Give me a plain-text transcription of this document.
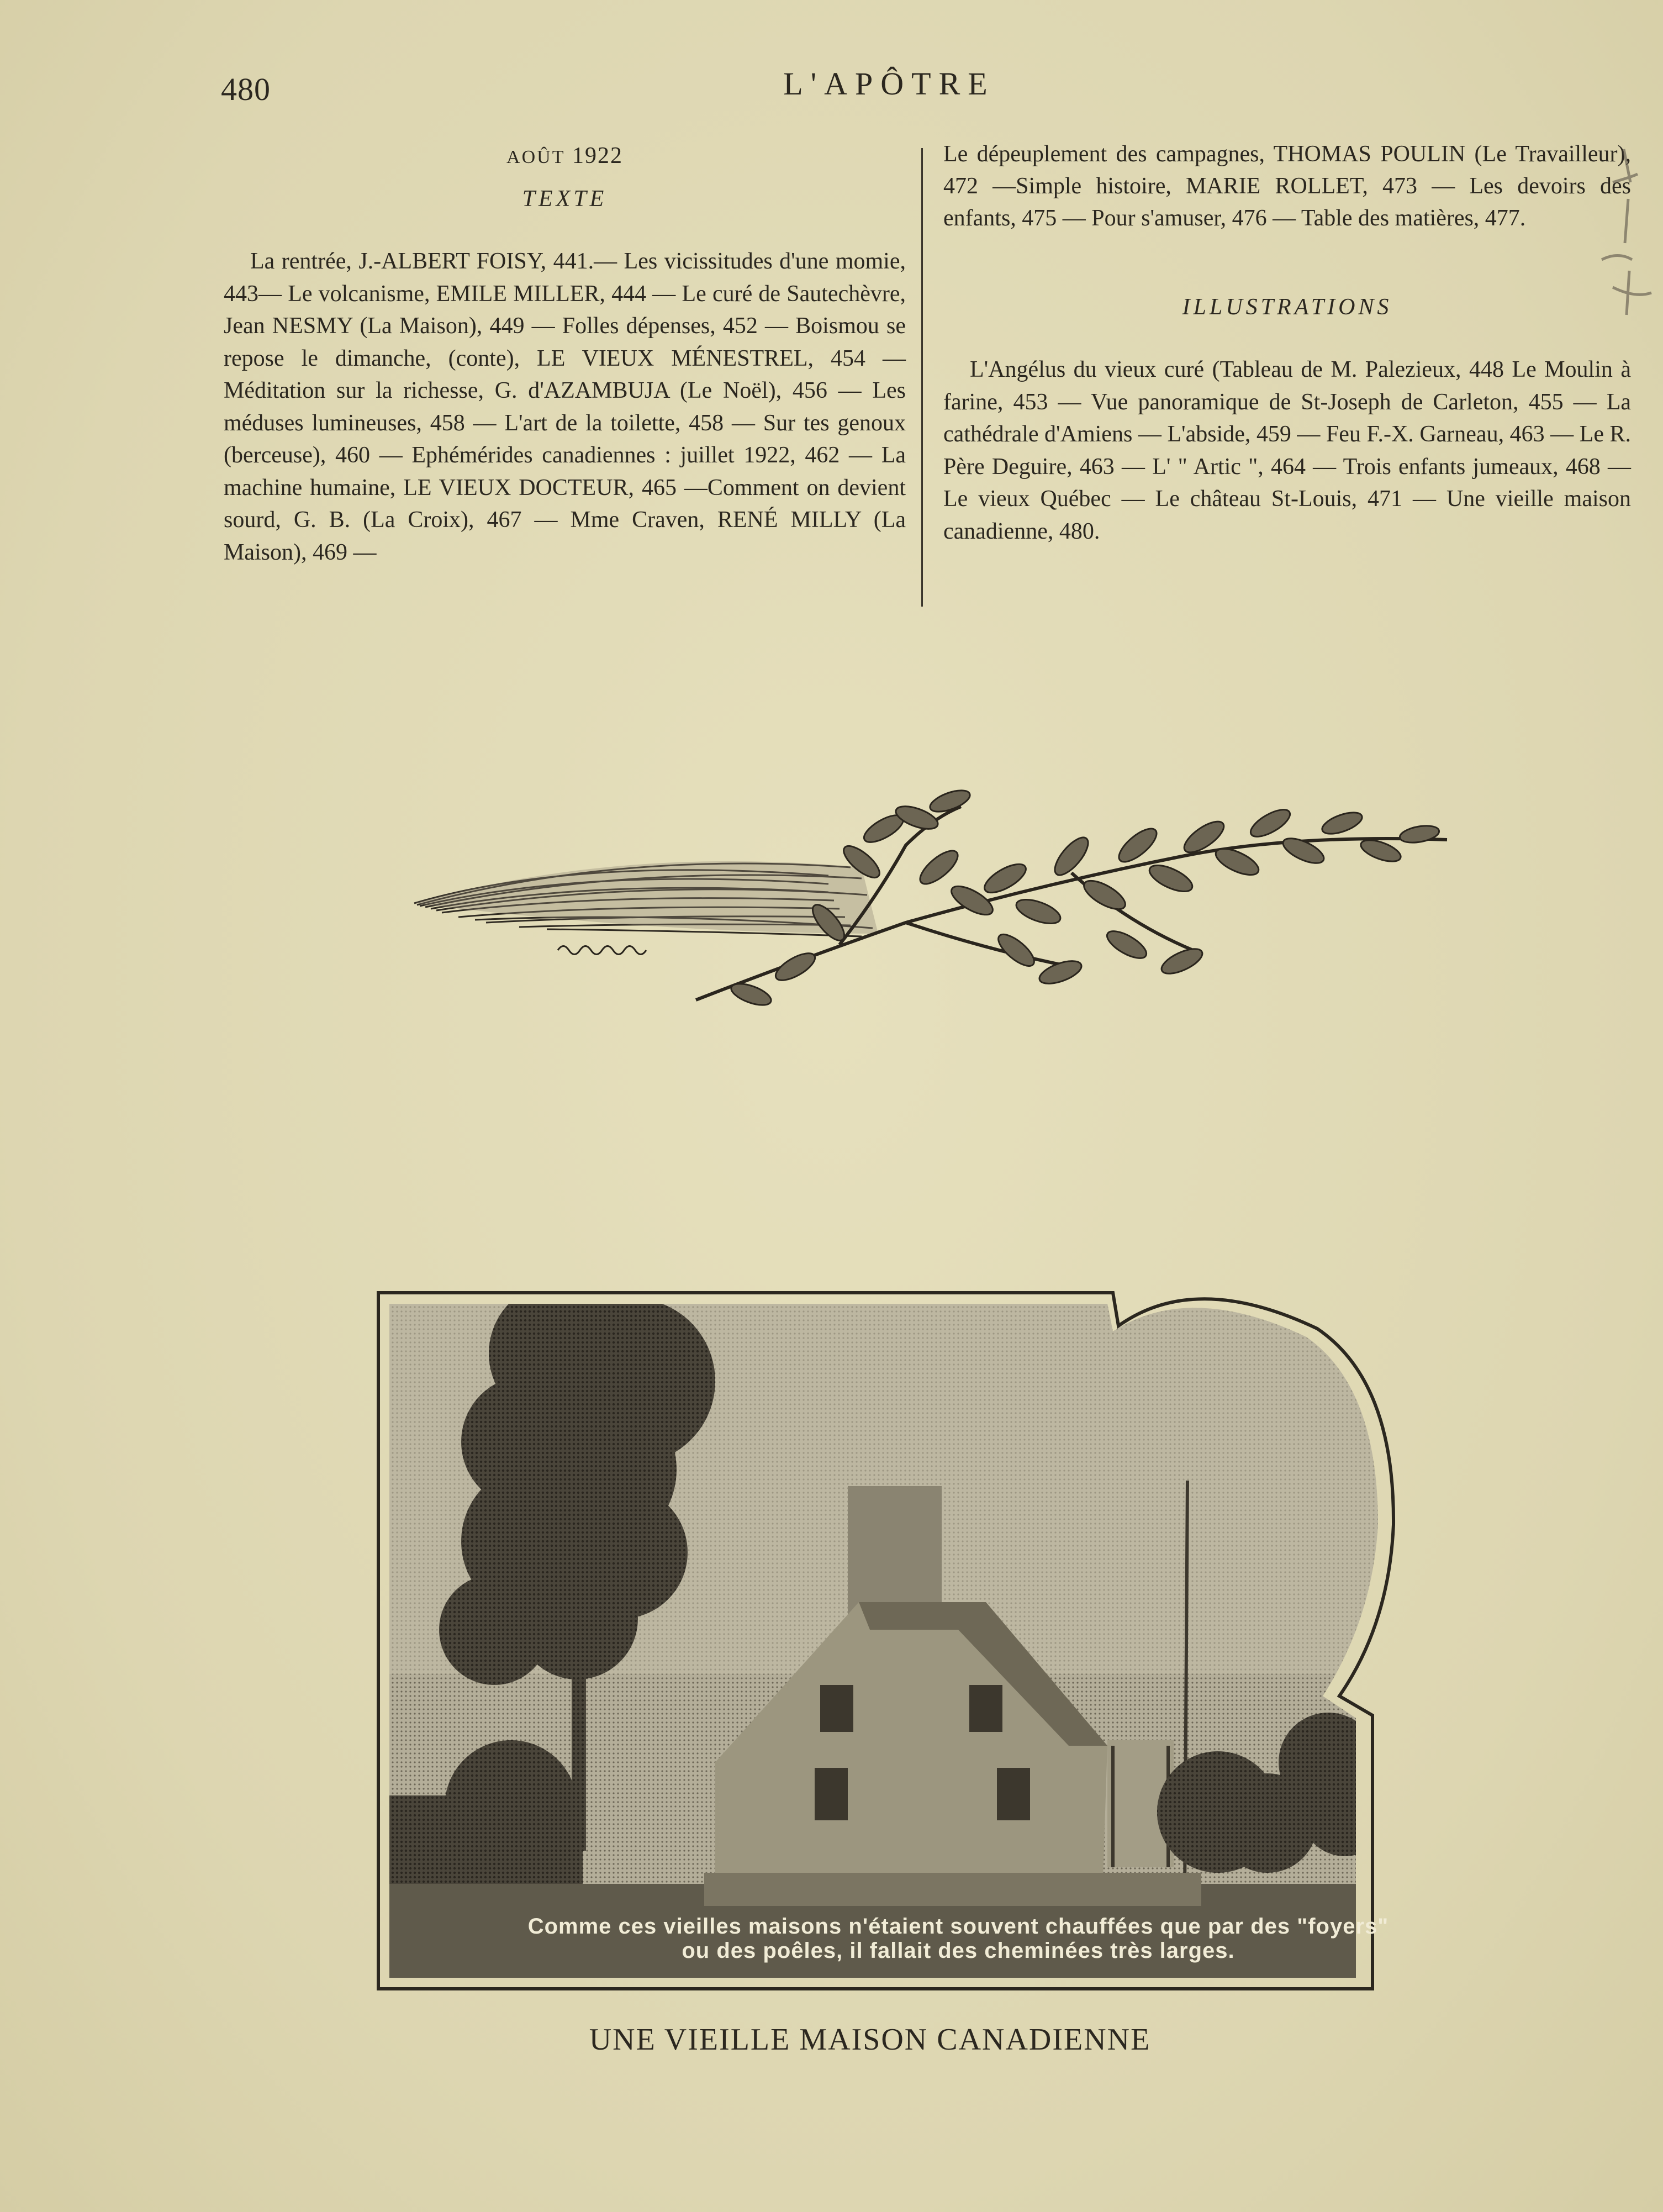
480	L'APÔTRE
AOÛT 1922
TEXTE

La rentrée, J.-ALBERT FOISY, 441.— Les vicissitudes d'une momie, 443— Le volcanisme, EMILE MILLER, 444 — Le curé de Sautechèvre, Jean NESMY (La Maison), 449 — Folles dépenses, 452 — Boismou se repose le dimanche, (conte), LE VIEUX MÉNESTREL, 454 — Méditation sur la richesse, G. d'AZAMBUJA (Le Noël), 456 — Les méduses lumineuses, 458 — L'art de la toilette, 458 — Sur tes genoux (berceuse), 460 — Ephémérides canadiennes : juillet 1922, 462 — La machine humaine, LE VIEUX DOCTEUR, 465 —Comment on devient sourd, G. B. (La Croix), 467 — Mme Craven, RENÉ MILLY (La Maison), 469 —

Le dépeuplement des campagnes, THOMAS POULIN (Le Travailleur), 472 —Simple histoire, MARIE ROLLET, 473 — Les devoirs des enfants, 475 — Pour s'amuser, 476 — Table des matières, 477.

ILLUSTRATIONS

L'Angélus du vieux curé (Tableau de M. Palezieux, 448 Le Moulin à farine, 453 — Vue panoramique de St-Joseph de Carleton, 455 — La cathédrale d'Amiens — L'abside, 459 — Feu F.-X. Garneau, 463 — Le R. Père Deguire, 463 — L' " Artic ", 464 — Trois enfants jumeaux, 468 — Le vieux Québec — Le château St-Louis, 471 — Une vieille maison canadienne, 480.

Comme ces vieilles maisons n'étaient souvent chauffées que par des "foyers"
ou des poêles, il fallait des cheminées très larges.
UNE VIEILLE MAISON CANADIENNE
